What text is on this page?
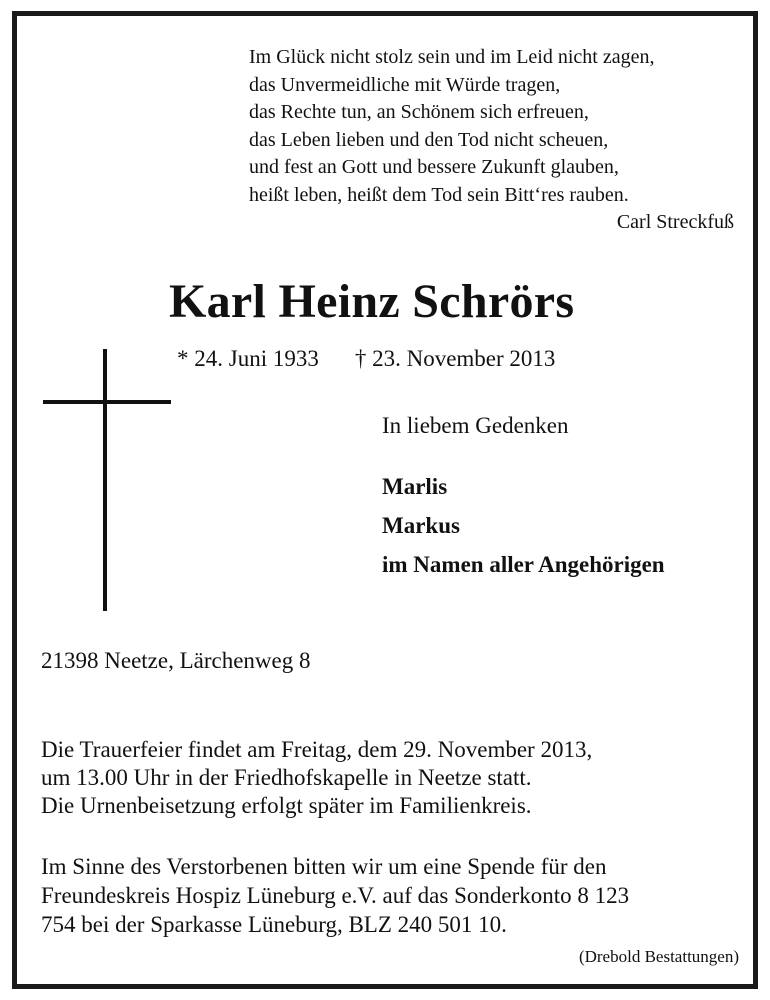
Im Glück nicht stolz sein und im Leid nicht zagen,
das Unvermeidliche mit Würde tragen,
das Rechte tun, an Schönem sich erfreuen,
das Leben lieben und den Tod nicht scheuen,
und fest an Gott und bessere Zukunft glauben,
heißt leben, heißt dem Tod sein Bitt‘res rauben.
Carl Streckfuß
Karl Heinz Schrörs
* 24. Juni 1933 † 23. November 2013
In liebem Gedenken
Marlis
Markus
im Namen aller Angehörigen
21398 Neetze, Lärchenweg 8
Die Trauerfeier findet am Freitag, dem 29. November 2013,
um 13.00 Uhr in der Friedhofskapelle in Neetze statt.
Die Urnenbeisetzung erfolgt später im Familienkreis.
Im Sinne des Verstorbenen bitten wir um eine Spende für den
Freundeskreis Hospiz Lüneburg e.V. auf das Sonderkonto 8 123
754 bei der Sparkasse Lüneburg, BLZ 240 501 10.
(Drebold Bestattungen)
